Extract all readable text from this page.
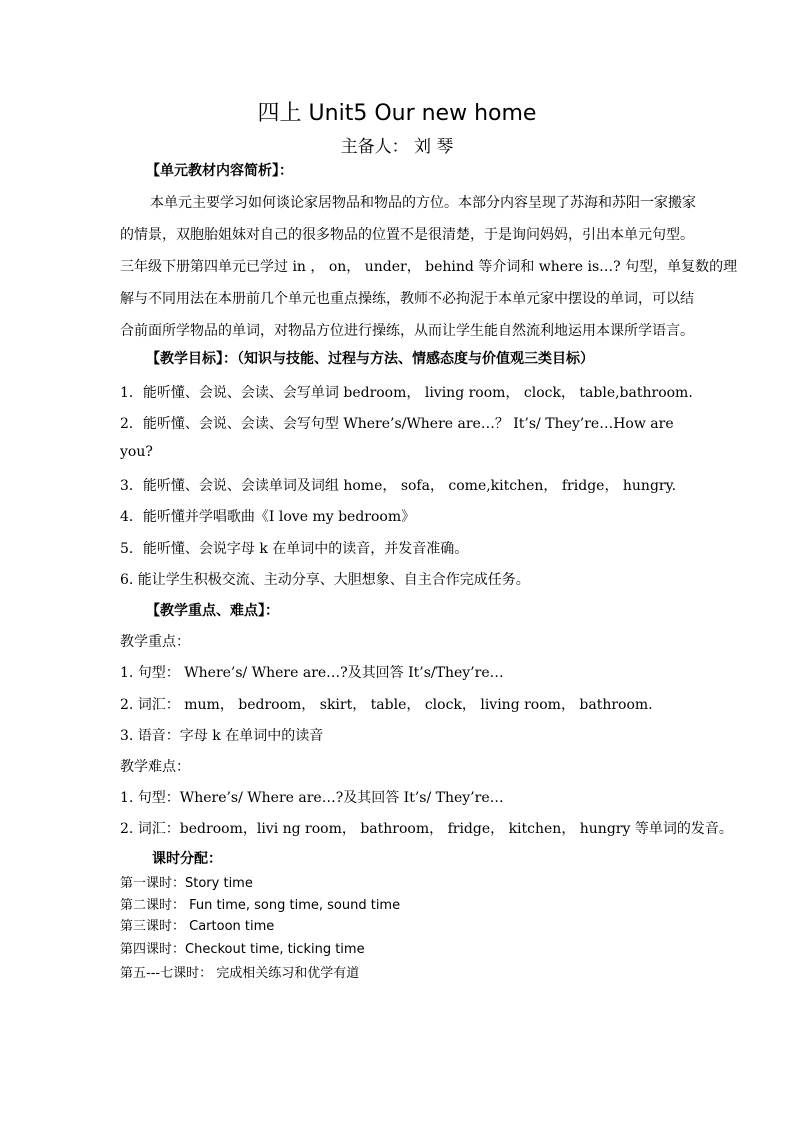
四上 Unit5 Our new home
主备人： 刘 琴
【单元教材内容简析】：
本单元主要学习如何谈论家居物品和物品的方位。本部分内容呈现了苏海和苏阳一家搬家
的情景，双胞胎姐妹对自己的很多物品的位置不是很清楚，于是询问妈妈，引出本单元句型。
三年级下册第四单元已学过 in ， on， under， behind 等介词和 where is…? 句型，单复数的理
解与不同用法在本册前几个单元也重点操练，教师不必拘泥于本单元家中摆设的单词，可以结
合前面所学物品的单词，对物品方位进行操练，从而让学生能自然流利地运用本课所学语言。
【教学目标】：（知识与技能、过程与方法、情感态度与价值观三类目标）
1．能听懂、会说、会读、会写单词 bedroom， living room， clock， table,bathroom.
2．能听懂、会说、会读、会写句型 Where’s/Where are…？ It’s/ They’re…How are
you?
3．能听懂、会说、会读单词及词组 home， sofa， come,kitchen， fridge， hungry.
4．能听懂并学唱歌曲《I love my bedroom》
5．能听懂、会说字母 k 在单词中的读音，并发音准确。
6. 能让学生积极交流、主动分享、大胆想象、自主合作完成任务。
【教学重点、难点】：
教学重点：
1. 句型： Where’s/ Where are…?及其回答 It’s/They’re…
2. 词汇： mum， bedroom， skirt， table， clock， living room， bathroom.
3. 语音：字母 k 在单词中的读音
教学难点：
1. 句型：Where’s/ Where are…?及其回答 It’s/ They’re…
2. 词汇：bedroom，livi ng room， bathroom， fridge， kitchen， hungry 等单词的发音。
课时分配：
第一课时：Story time
第二课时： Fun time, song time, sound time
第三课时： Cartoon time
第四课时：Checkout time, ticking time
第五---七课时： 完成相关练习和优学有道
